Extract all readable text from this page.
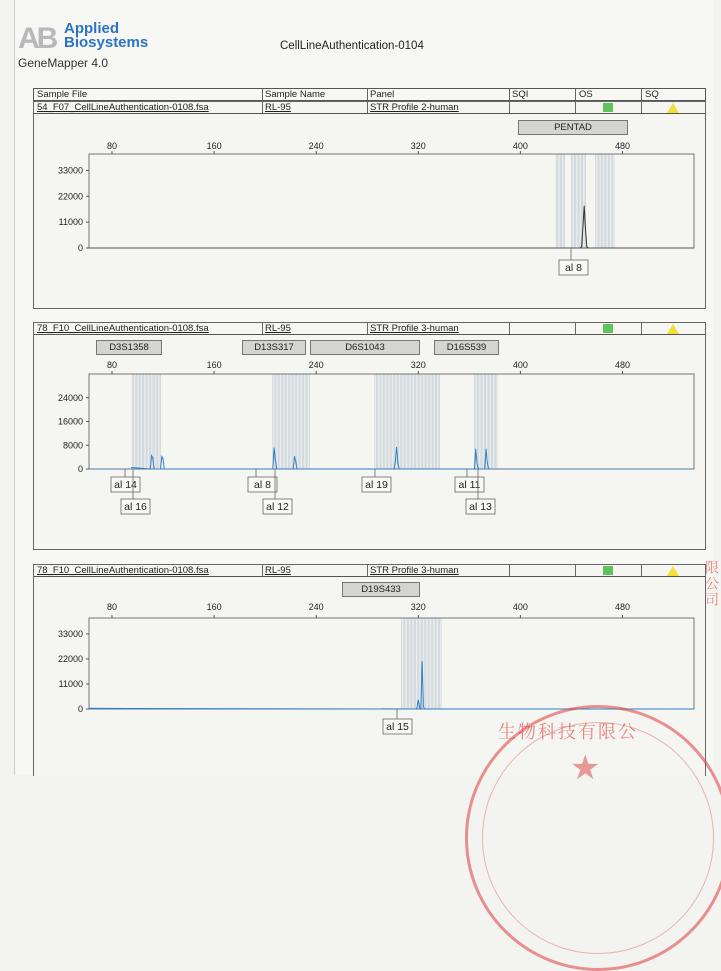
AB Applied
Biosystems
GeneMapper 4.0
CellLineAuthentication-0104
Sample File	Sample Name	Panel	SQI	OS	SQ
54_F07_CellLineAuthentication-0108.fsa	RL-95	STR Profile 2-human
PENTAD
80	160	240	320	400	480
0
11000
22000
33000
al 8
78_F10_CellLineAuthentication-0108.fsa	RL-95	STR Profile 3-human
D3S1358	D13S317	D6S1043	D16S539
80	160	240	320	400	480
0
8000
16000
24000
al 14
al 16
al 8
al 12
al 19	al 11
al 13
78_F10_CellLineAuthentication-0108.fsa	RL-95	STR Profile 3-human
D19S433
80	160	240	320	400	480
0
11000
22000
33000
al 15	生物科技有限公
★
限公司
